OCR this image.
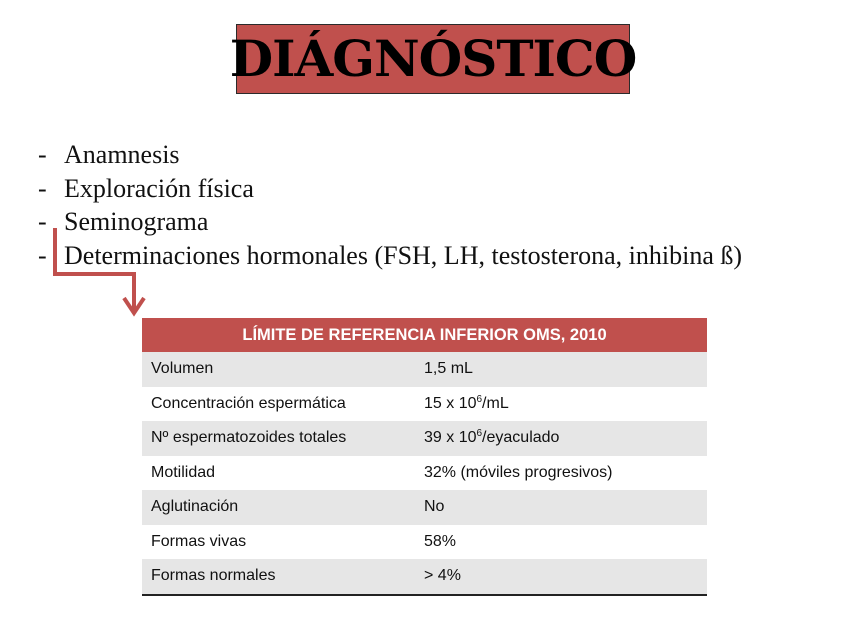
DIÁGNÓSTICO
- Anamnesis
- Exploración física
- Seminograma
- Determinaciones hormonales (FSH, LH, testosterona, inhibina ß)
LÍMITE DE REFERENCIA INFERIOR OMS, 2010
Volumen	1,5 mL
Concentración espermática	15 x $10^6/mL$
Nº espermatozoides totales	39 x $10^6$/eyaculado
Motilidad	32% (móviles progresivos)
Aglutinación	No
Formas vivas	58%
Formas normales	> 4%
